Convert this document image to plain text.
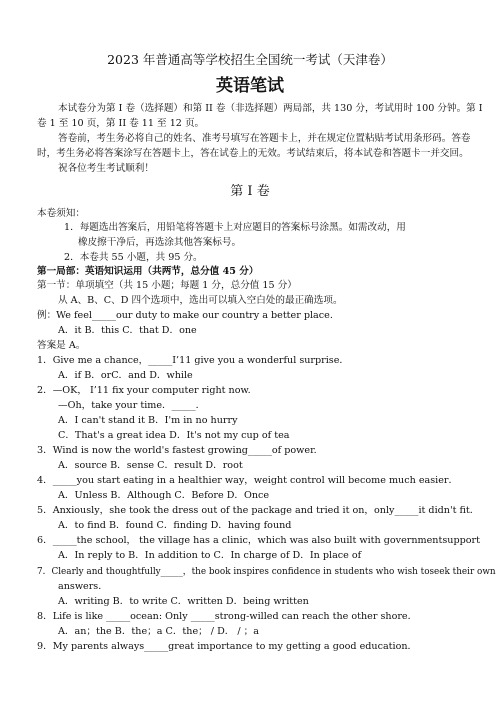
2023 年普通高等学校招生全国统一考试（天津卷）
英语笔试
本试卷分为第 I 卷（选择题）和第 II 卷（非选择题）两局部，共 130 分，考试用时 100 分钟。第 I
卷 1 至 10 页，第 II 卷 11 至 12 页。
答卷前，考生务必将自己的姓名、准考号填写在答题卡上，并在规定位置粘贴考试用条形码。答卷
时，考生务必将答案涂写在答题卡上，答在试卷上的无效。考试结束后，将本试卷和答题卡一并交回。
祝各位考生考试顺利！
第 I 卷
本卷须知：
1．每题选出答案后，用铅笔将答题卡上对应题目的答案标号涂黑。如需改动，用
橡皮擦干净后，再选涂其他答案标号。
2．本卷共 55 小题，共 95 分。
第一局部：英语知识运用（共两节，总分值 45 分）
第一节：单项填空（共 15 小题；每题 1 分，总分值 15 分）
从 A、B、C、D 四个选项中，选出可以填入空白处的最正确选项。
例：We feel_____our duty to make our country a better place.
A．it B．this C．that D．one
答案是 A。
1．Give me a chance，_____I’11 give you a wonderful surprise．
A．if B．orC．and D．while
2．—OK， I’11 fix your computer right now.
—Oh，take your time．_____．
A．I can't stand it B．I'm in no hurry
C．That's a great idea D．It's not my cup of tea
3．Wind is now the world's fastest growing_____of power.
A．source B．sense C．result D．root
4．_____you start eating in a healthier way，weight control will become much easier．
A．Unless B．Although C．Before D．Once
5．Anxiously，she took the dress out of the package and tried it on，only_____it didn't fit．
A．to find B．found C．finding D．having found
6．_____the school， the village has a clinic，which was also built with governmentsupport
A．In reply to B．In addition to C．In charge of D．In place of
7．Clearly and thoughtfully_____，the book inspires confidence in students who wish toseek their own
answers．
A．writing B．to write C．written D．being written
8．Life is like _____ocean: Only _____strong-willed can reach the other shore．
A．an；the B．the；a C．the； / D． / ；a
9．My parents always_____great importance to my getting a good education．
